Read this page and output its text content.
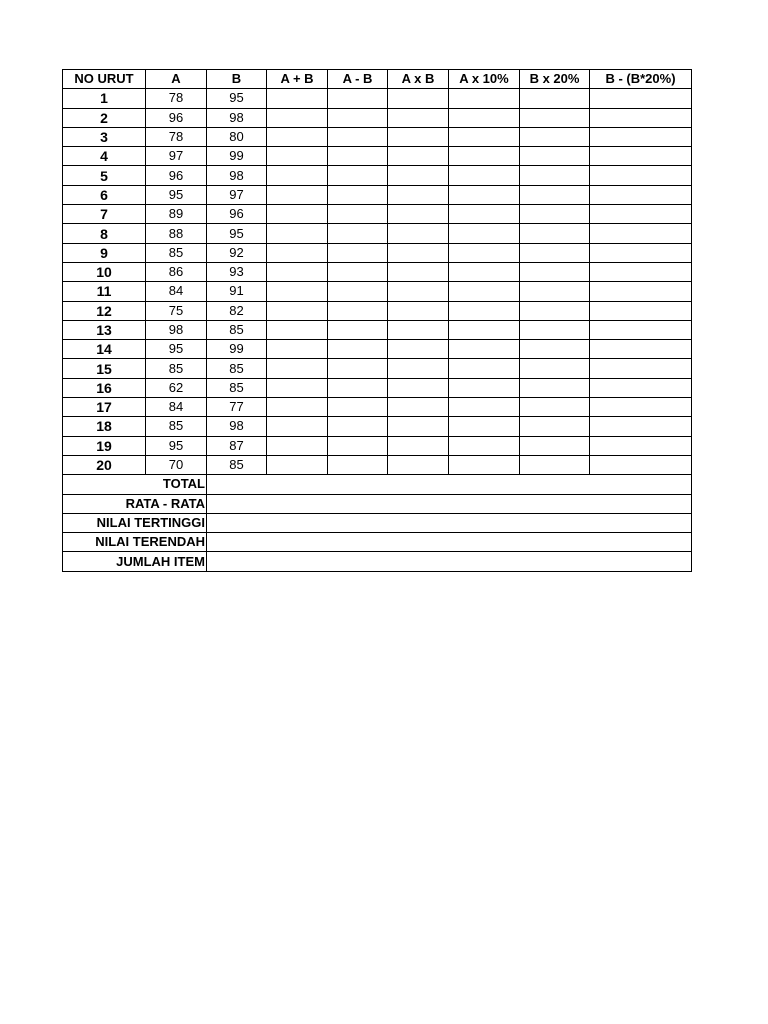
NO URUT	A	B	A + B	A - B	A x B	A x 10%	B x 20%	B - (B*20%)
1	78	95						
2	96	98						
3	78	80						
4	97	99						
5	96	98						
6	95	97						
7	89	96						
8	88	95						
9	85	92						
10	86	93						
11	84	91						
12	75	82						
13	98	85						
14	95	99						
15	85	85						
16	62	85						
17	84	77						
18	85	98						
19	95	87						
20	70	85						
TOTAL								
RATA - RATA								
NILAI TERTINGGI								
NILAI TERENDAH								
JUMLAH ITEM								
